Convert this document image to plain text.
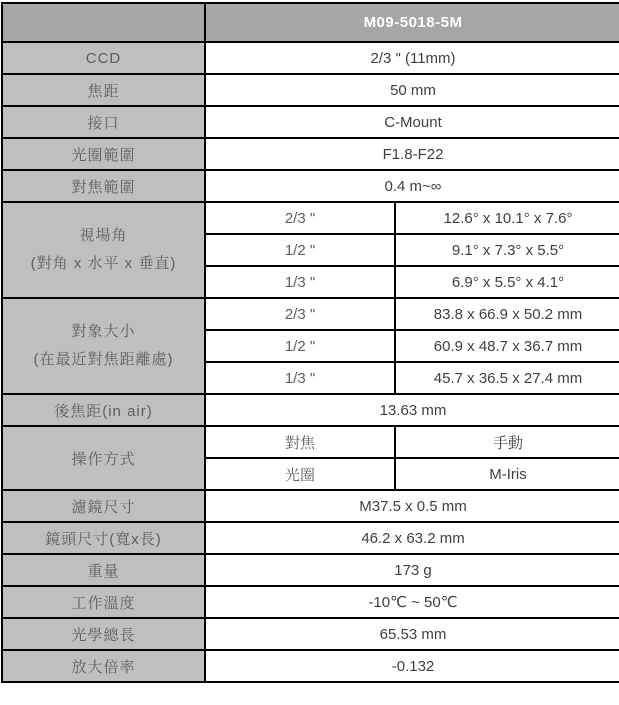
	M09-5018-5M	
CCD	2/3 " (11mm)	
焦距	50 mm	
接口	C-Mount	
光圈範圍	F1.8-F22	
對焦範圍	0.4 m~∞	

視場角
(對角 x 水平 x 垂直)	2/3 "	12.6° x 10.1° x 7.6°
	1/2 "	9.1° x 7.3° x 5.5°
	1/3 "	6.9° x 5.5° x 4.1°

對象大小
(在最近對焦距離處)	2/3 "	83.8 x 66.9 x 50.2 mm
	1/2 "	60.9 x 48.7 x 36.7 mm
	1/3 "	45.7 x 36.5 x 27.4 mm
後焦距(in air)	13.63 mm	
操作方式	對焦	手動
	光圈	M-Iris
濾鏡尺寸	M37.5 x 0.5 mm	
鏡頭尺寸(寬x長)	46.2 x 63.2 mm	
重量	173 g	
工作溫度	-10℃ ~ 50℃	
光學總長	65.53 mm	
放大倍率	-0.132	
